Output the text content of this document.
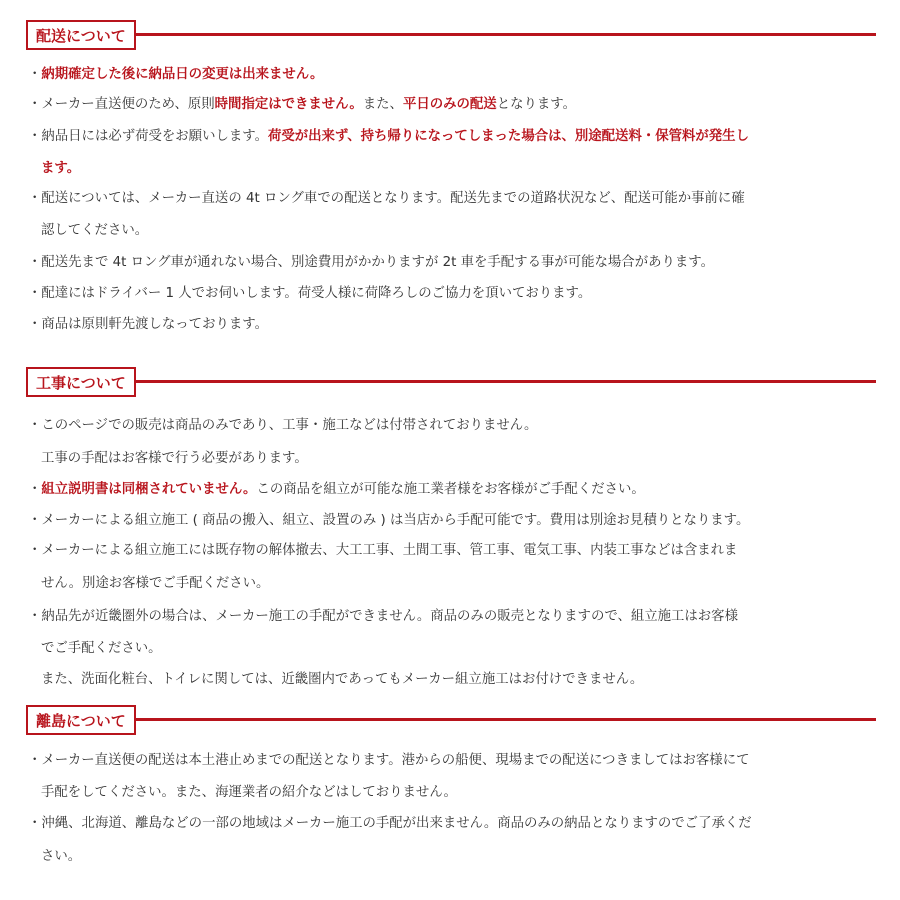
配送について
・納期確定した後に納品日の変更は出来ません。
・メーカー直送便のため、原則時間指定はできません。また、平日のみの配送となります。
・納品日には必ず荷受をお願いします。荷受が出来ず、持ち帰りになってしまった場合は、別途配送料・保管料が発生し
ます。
・配送については、メーカー直送の 4t ロング車での配送となります。配送先までの道路状況など、配送可能か事前に確
認してください。
・配送先まで 4t ロング車が通れない場合、別途費用がかかりますが 2t 車を手配する事が可能な場合があります。
・配達にはドライバー 1 人でお伺いします。荷受人様に荷降ろしのご協力を頂いております。
・商品は原則軒先渡しなっております。
工事について
・このページでの販売は商品のみであり、工事・施工などは付帯されておりません。
工事の手配はお客様で行う必要があります。
・組立説明書は同梱されていません。この商品を組立が可能な施工業者様をお客様がご手配ください。
・メーカーによる組立施工 ( 商品の搬入、組立、設置のみ ) は当店から手配可能です。費用は別途お見積りとなります。
・メーカーによる組立施工には既存物の解体撤去、大工工事、土間工事、管工事、電気工事、内装工事などは含まれま
せん。別途お客様でご手配ください。
・納品先が近畿圏外の場合は、メーカー施工の手配ができません。商品のみの販売となりますので、組立施工はお客様
でご手配ください。
また、洗面化粧台、トイレに関しては、近畿圏内であってもメーカー組立施工はお付けできません。
離島について
・メーカー直送便の配送は本土港止めまでの配送となります。港からの船便、現場までの配送につきましてはお客様にて
手配をしてください。また、海運業者の紹介などはしておりません。
・沖縄、北海道、離島などの一部の地域はメーカー施工の手配が出来ません。商品のみの納品となりますのでご了承くだ
さい。
